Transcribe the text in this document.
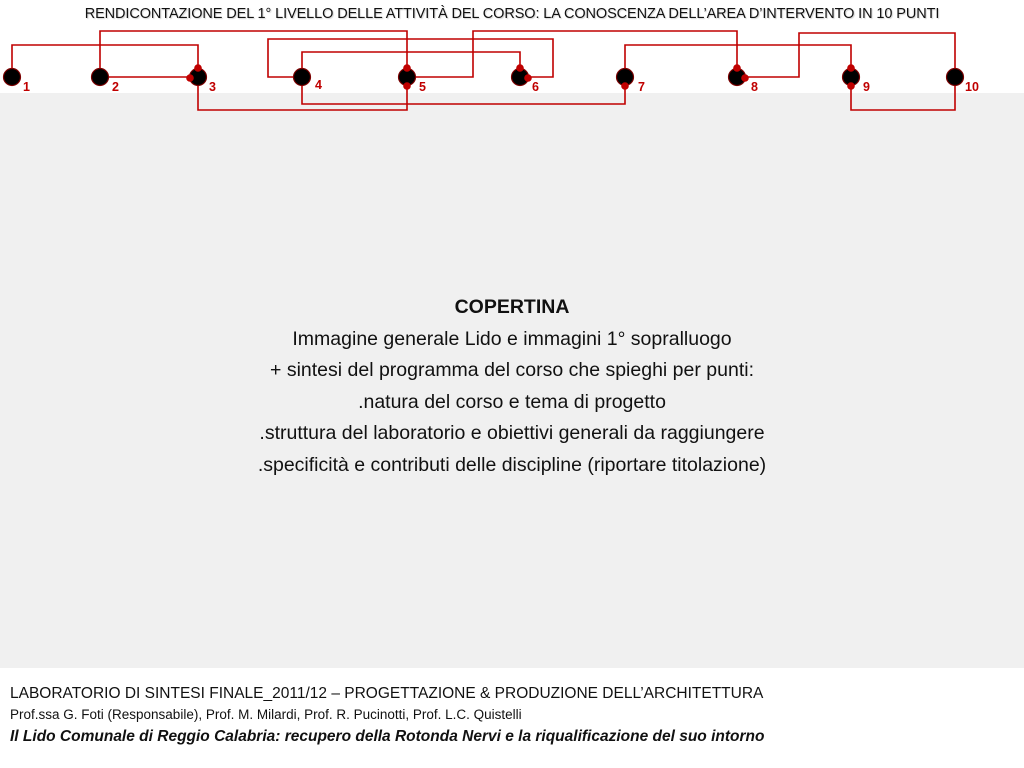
RENDICONTAZIONE DEL 1° LIVELLO DELLE ATTIVITÀ DEL CORSO: LA CONOSCENZA DELL’AREA D’INTERVENTO IN 10 PUNTI
1	2	3	4	5	6	7	8	9	10
COPERTINA
Immagine generale Lido e immagini 1° sopralluogo
+ sintesi del programma del corso che spieghi per punti:
.natura del corso e tema di progetto
.struttura del laboratorio e obiettivi generali da raggiungere
.specificità e contributi delle discipline (riportare titolazione)
LABORATORIO DI SINTESI FINALE_2011/12 – PROGETTAZIONE & PRODUZIONE DELL’ARCHITETTURA
Prof.ssa G. Foti (Responsabile), Prof. M. Milardi, Prof. R. Pucinotti, Prof. L.C. Quistelli
Il Lido Comunale di Reggio Calabria: recupero della Rotonda Nervi e la riqualificazione del suo intorno
